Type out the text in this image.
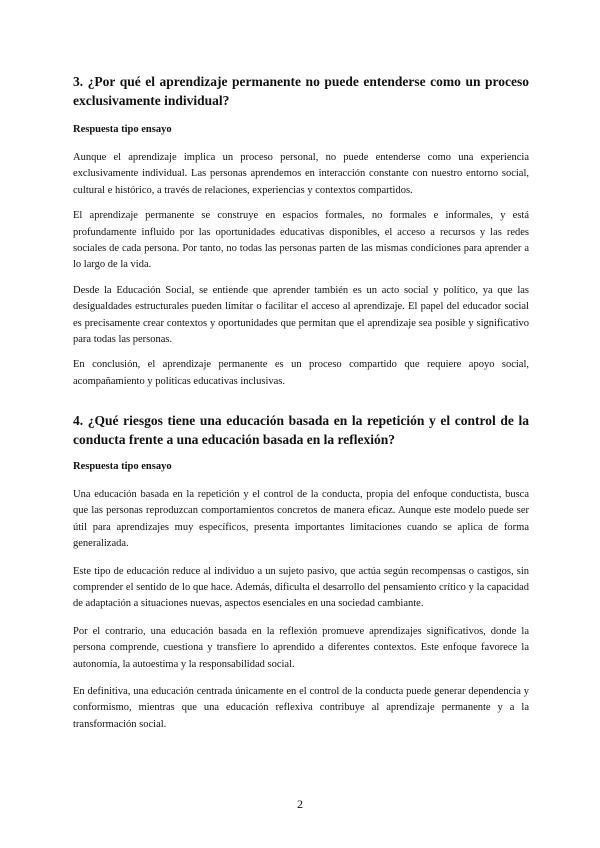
3. ¿Por qué el aprendizaje permanente no puede entenderse como un proceso exclusivamente individual?

Respuesta tipo ensayo

Aunque el aprendizaje implica un proceso personal, no puede entenderse como una experiencia exclusivamente individual. Las personas aprendemos en interacción constante con nuestro entorno social, cultural e histórico, a través de relaciones, experiencias y contextos compartidos.

El aprendizaje permanente se construye en espacios formales, no formales e informales, y está profundamente influido por las oportunidades educativas disponibles, el acceso a recursos y las redes sociales de cada persona. Por tanto, no todas las personas parten de las mismas condiciones para aprender a lo largo de la vida.

Desde la Educación Social, se entiende que aprender también es un acto social y político, ya que las desigualdades estructurales pueden limitar o facilitar el acceso al aprendizaje. El papel del educador social es precisamente crear contextos y oportunidades que permitan que el aprendizaje sea posible y significativo para todas las personas.

En conclusión, el aprendizaje permanente es un proceso compartido que requiere apoyo social, acompañamiento y políticas educativas inclusivas.

4. ¿Qué riesgos tiene una educación basada en la repetición y el control de la conducta frente a una educación basada en la reflexión?

Respuesta tipo ensayo

Una educación basada en la repetición y el control de la conducta, propia del enfoque conductista, busca que las personas reproduzcan comportamientos concretos de manera eficaz. Aunque este modelo puede ser útil para aprendizajes muy específicos, presenta importantes limitaciones cuando se aplica de forma generalizada.

Este tipo de educación reduce al individuo a un sujeto pasivo, que actúa según recompensas o castigos, sin comprender el sentido de lo que hace. Además, dificulta el desarrollo del pensamiento crítico y la capacidad de adaptación a situaciones nuevas, aspectos esenciales en una sociedad cambiante.

Por el contrario, una educación basada en la reflexión promueve aprendizajes significativos, donde la persona comprende, cuestiona y transfiere lo aprendido a diferentes contextos. Este enfoque favorece la autonomía, la autoestima y la responsabilidad social.

En definitiva, una educación centrada únicamente en el control de la conducta puede generar dependencia y conformismo, mientras que una educación reflexiva contribuye al aprendizaje permanente y a la transformación social.

2
